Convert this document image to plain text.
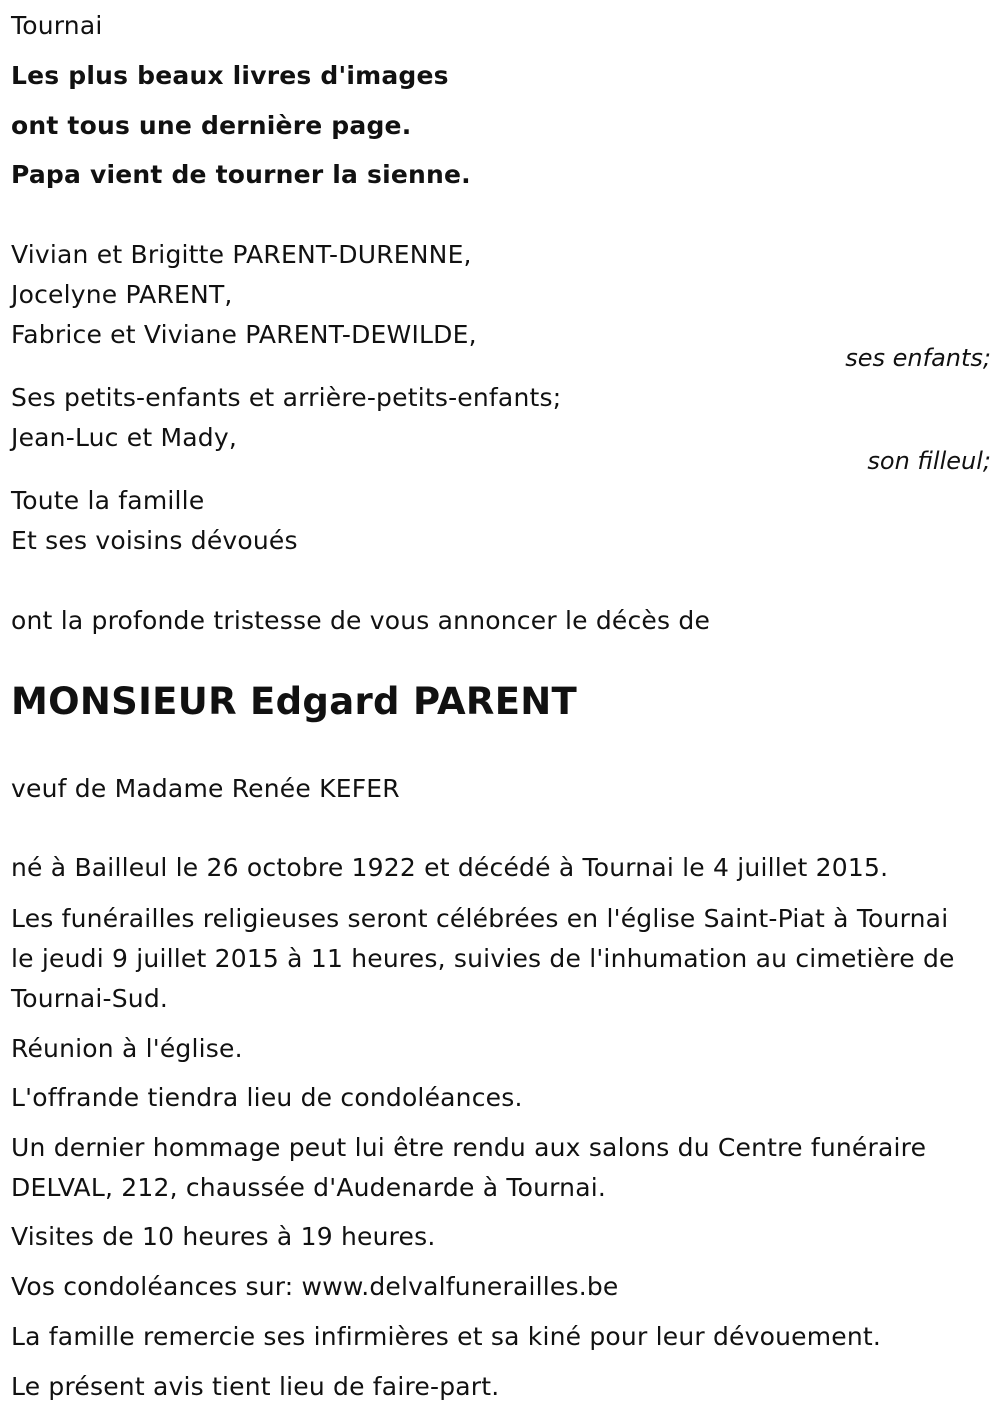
Tournai
Les plus beaux livres d'images
ont tous une dernière page.
Papa vient de tourner la sienne.
Vivian et Brigitte PARENT-DURENNE,
Jocelyne PARENT,
Fabrice et Viviane PARENT-DEWILDE,
ses enfants;
Ses petits-enfants et arrière-petits-enfants;
Jean-Luc et Mady,
son filleul;
Toute la famille
Et ses voisins dévoués
ont la profonde tristesse de vous annoncer le décès de
MONSIEUR Edgard PARENT
veuf de Madame Renée KEFER
né à Bailleul le 26 octobre 1922 et décédé à Tournai le 4 juillet 2015.
Les funérailles religieuses seront célébrées en l'église Saint-Piat à Tournai
le jeudi 9 juillet 2015 à 11 heures, suivies de l'inhumation au cimetière de
Tournai-Sud.
Réunion à l'église.
L'offrande tiendra lieu de condoléances.
Un dernier hommage peut lui être rendu aux salons du Centre funéraire
DELVAL, 212, chaussée d'Audenarde à Tournai.
Visites de 10 heures à 19 heures.
Vos condoléances sur: www.delvalfunerailles.be
La famille remercie ses infirmières et sa kiné pour leur dévouement.
Le présent avis tient lieu de faire-part.
